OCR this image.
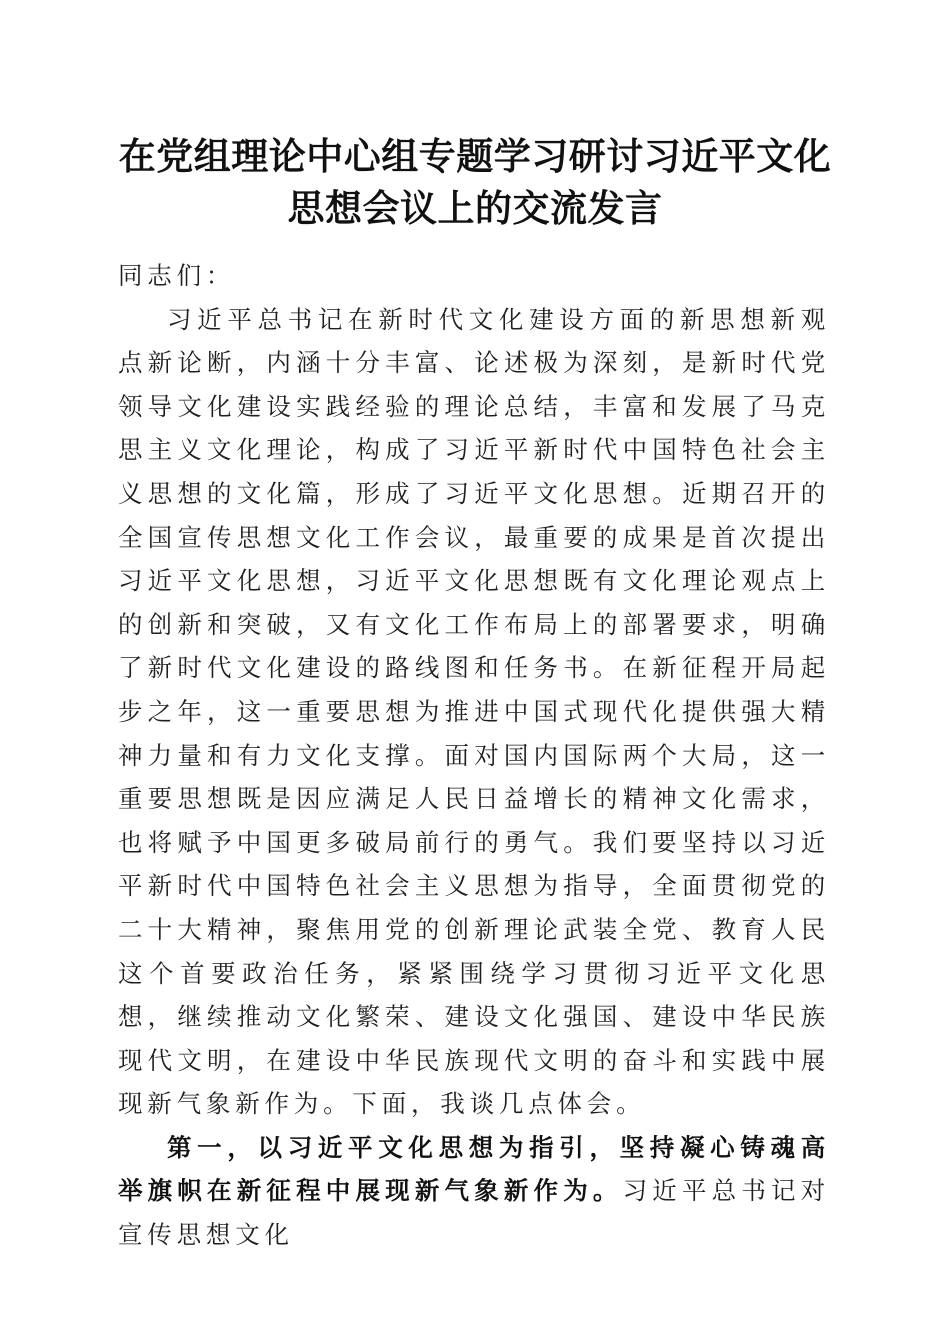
在党组理论中心组专题学习研讨习近平文化思想会议上的交流发言

同志们：

习近平总书记在新时代文化建设方面的新思想新观点新论断，内涵十分丰富、论述极为深刻，是新时代党领导文化建设实践经验的理论总结，丰富和发展了马克思主义文化理论，构成了习近平新时代中国特色社会主义思想的文化篇，形成了习近平文化思想。近期召开的全国宣传思想文化工作会议，最重要的成果是首次提出习近平文化思想，习近平文化思想既有文化理论观点上的创新和突破，又有文化工作布局上的部署要求，明确了新时代文化建设的路线图和任务书。在新征程开局起步之年，这一重要思想为推进中国式现代化提供强大精神力量和有力文化支撑。面对国内国际两个大局，这一重要思想既是因应满足人民日益增长的精神文化需求，也将赋予中国更多破局前行的勇气。我们要坚持以习近平新时代中国特色社会主义思想为指导，全面贯彻党的二十大精神，聚焦用党的创新理论武装全党、教育人民这个首要政治任务，紧紧围绕学习贯彻习近平文化思想，继续推动文化繁荣、建设文化强国、建设中华民族现代文明，在建设中华民族现代文明的奋斗和实践中展现新气象新作为。下面，我谈几点体会。

第一，以习近平文化思想为指引，坚持凝心铸魂高举旗帜在新征程中展现新气象新作为。习近平总书记对宣传思想文化
